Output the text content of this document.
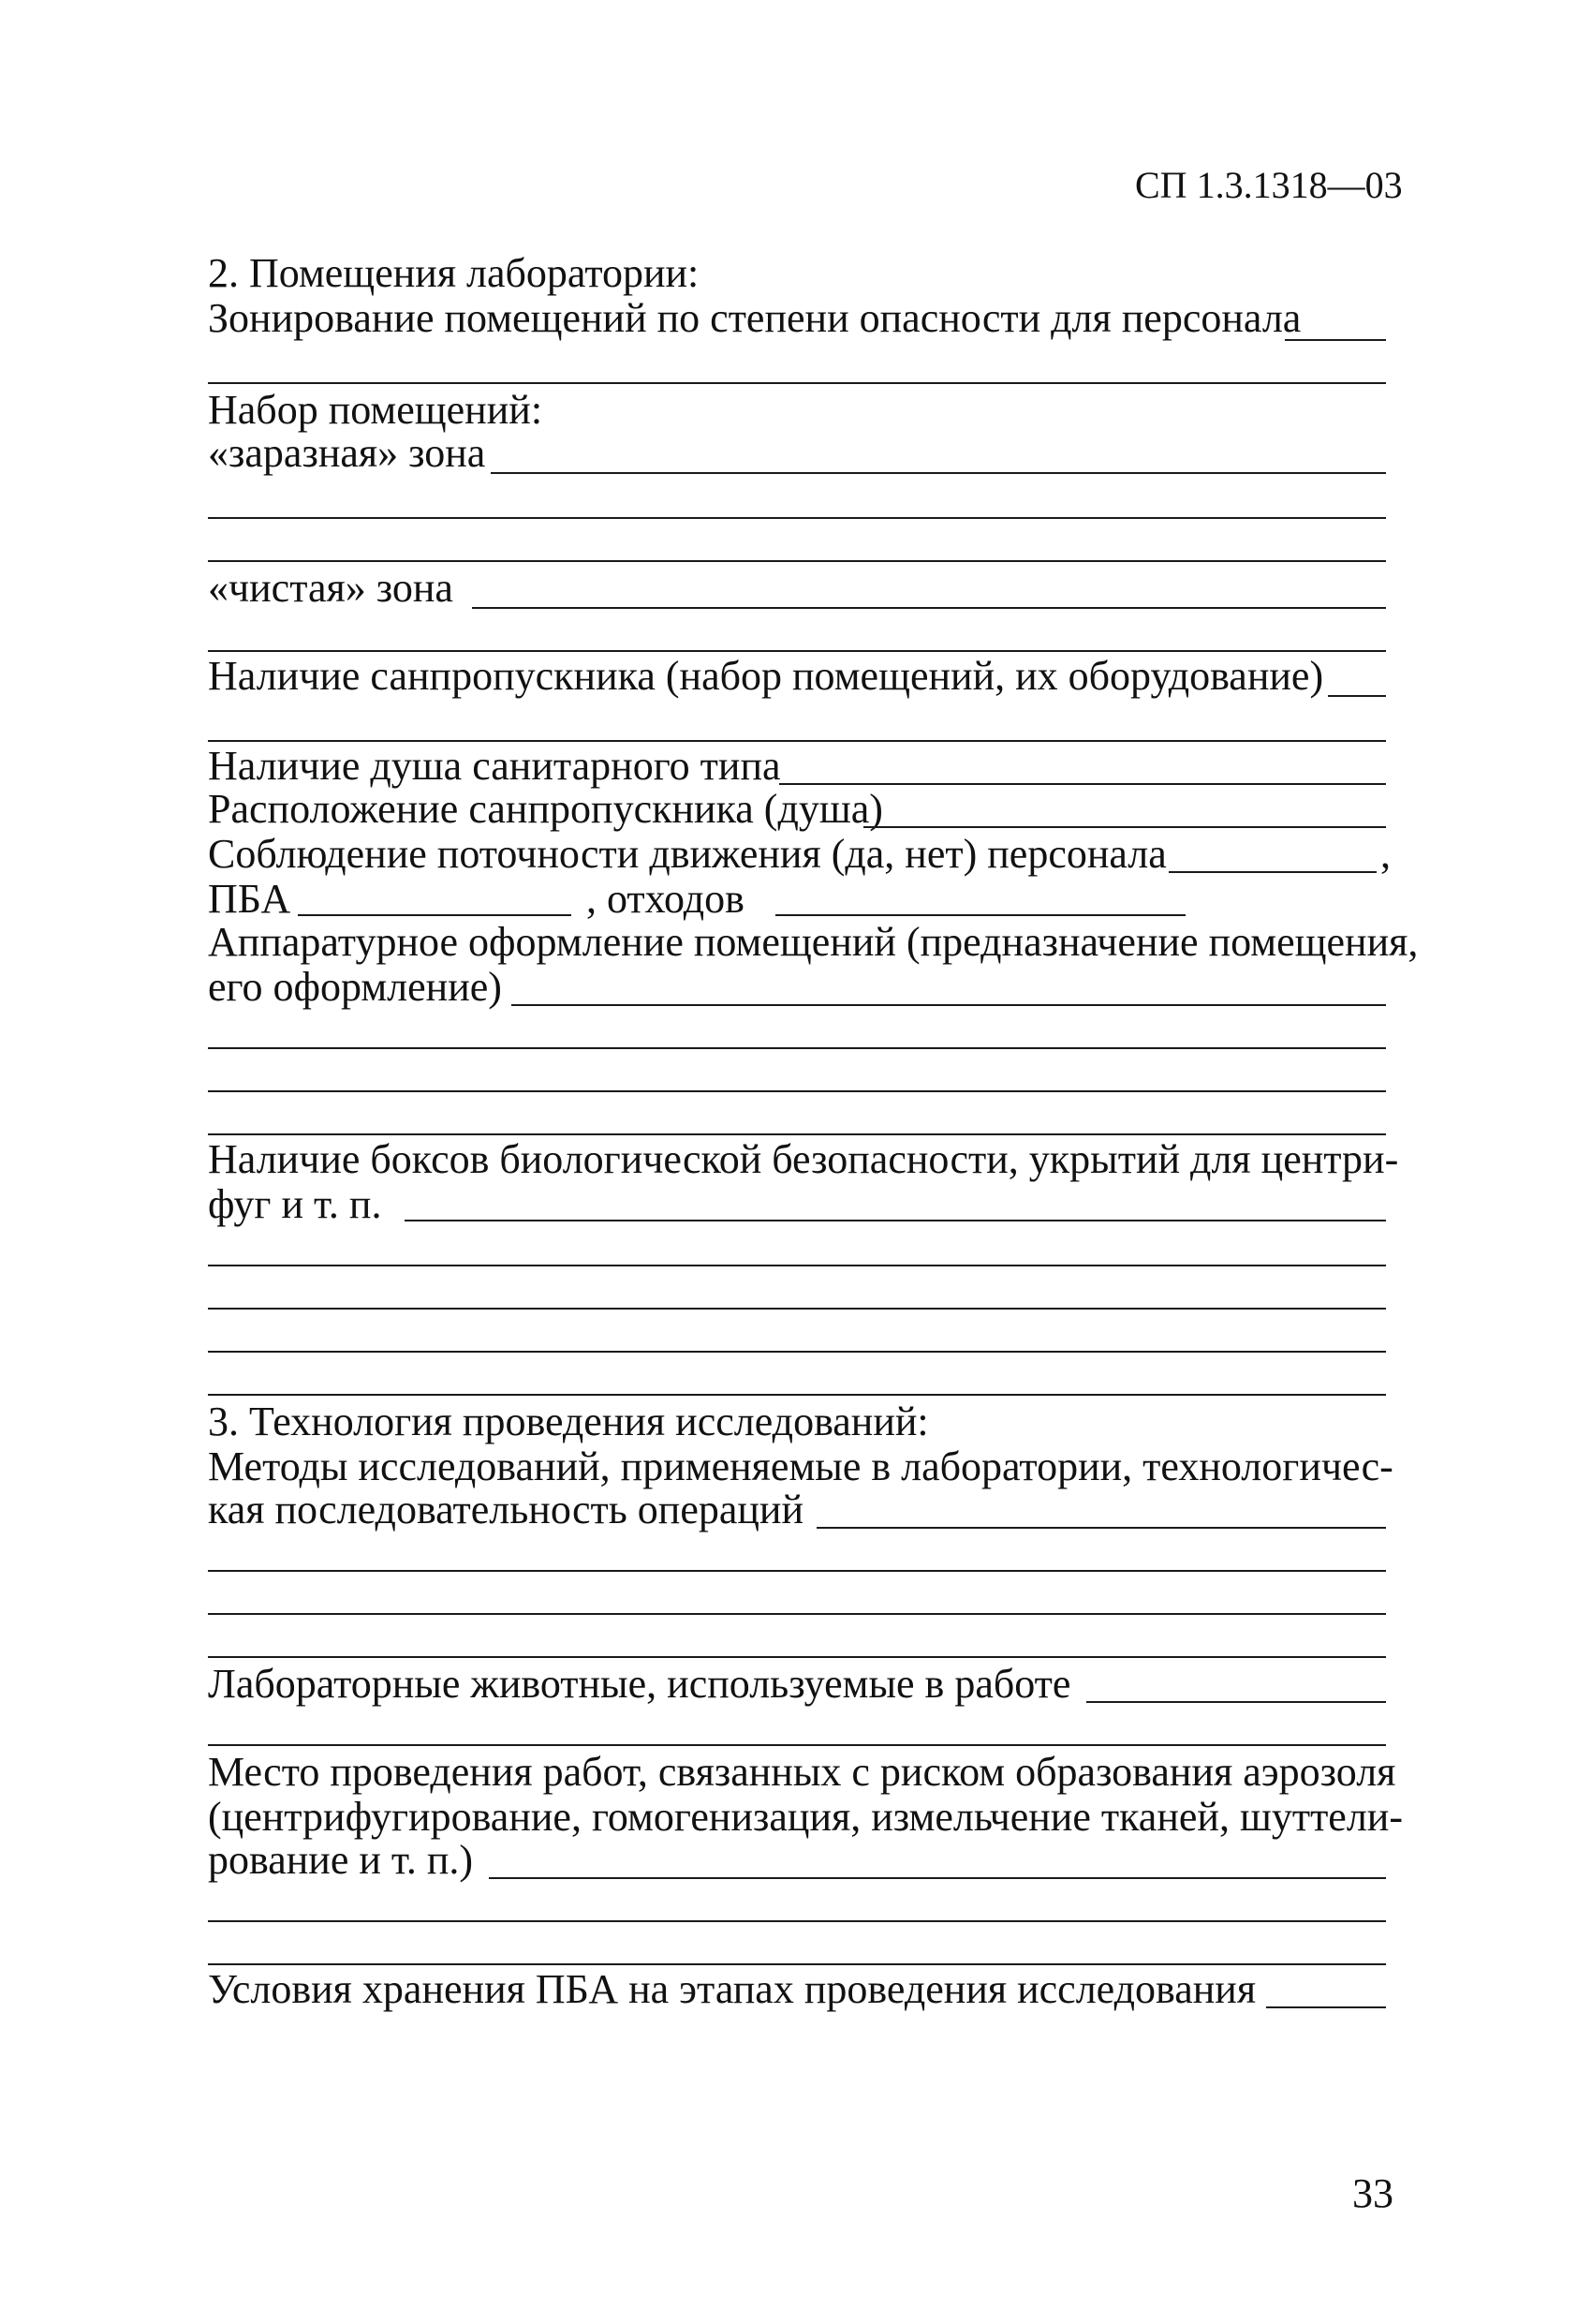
СП 1.3.1318—03
2. Помещения лаборатории:
Зонирование помещений по степени опасности для персонала
Набор помещений:
«заразная» зона
«чистая» зона
Наличие санпропускника (набор помещений, их оборудование)
Наличие душа санитарного типа
Расположение санпропускника (душа)
Соблюдение поточности движения (да, нет) персонала	,
ПБА	, отходов
Аппаратурное оформление помещений (предназначение помещения,
его оформление)
Наличие боксов биологической безопасности, укрытий для центри-
фуг и т. п.
3. Технология проведения исследований:
Методы исследований, применяемые в лаборатории, технологичес-
кая последовательность операций
Лабораторные животные, используемые в работе
Место проведения работ, связанных с риском образования аэрозоля
(центрифугирование, гомогенизация, измельчение тканей, шуттели-
рование и т. п.)
Условия хранения ПБА на этапах проведения исследования
33
